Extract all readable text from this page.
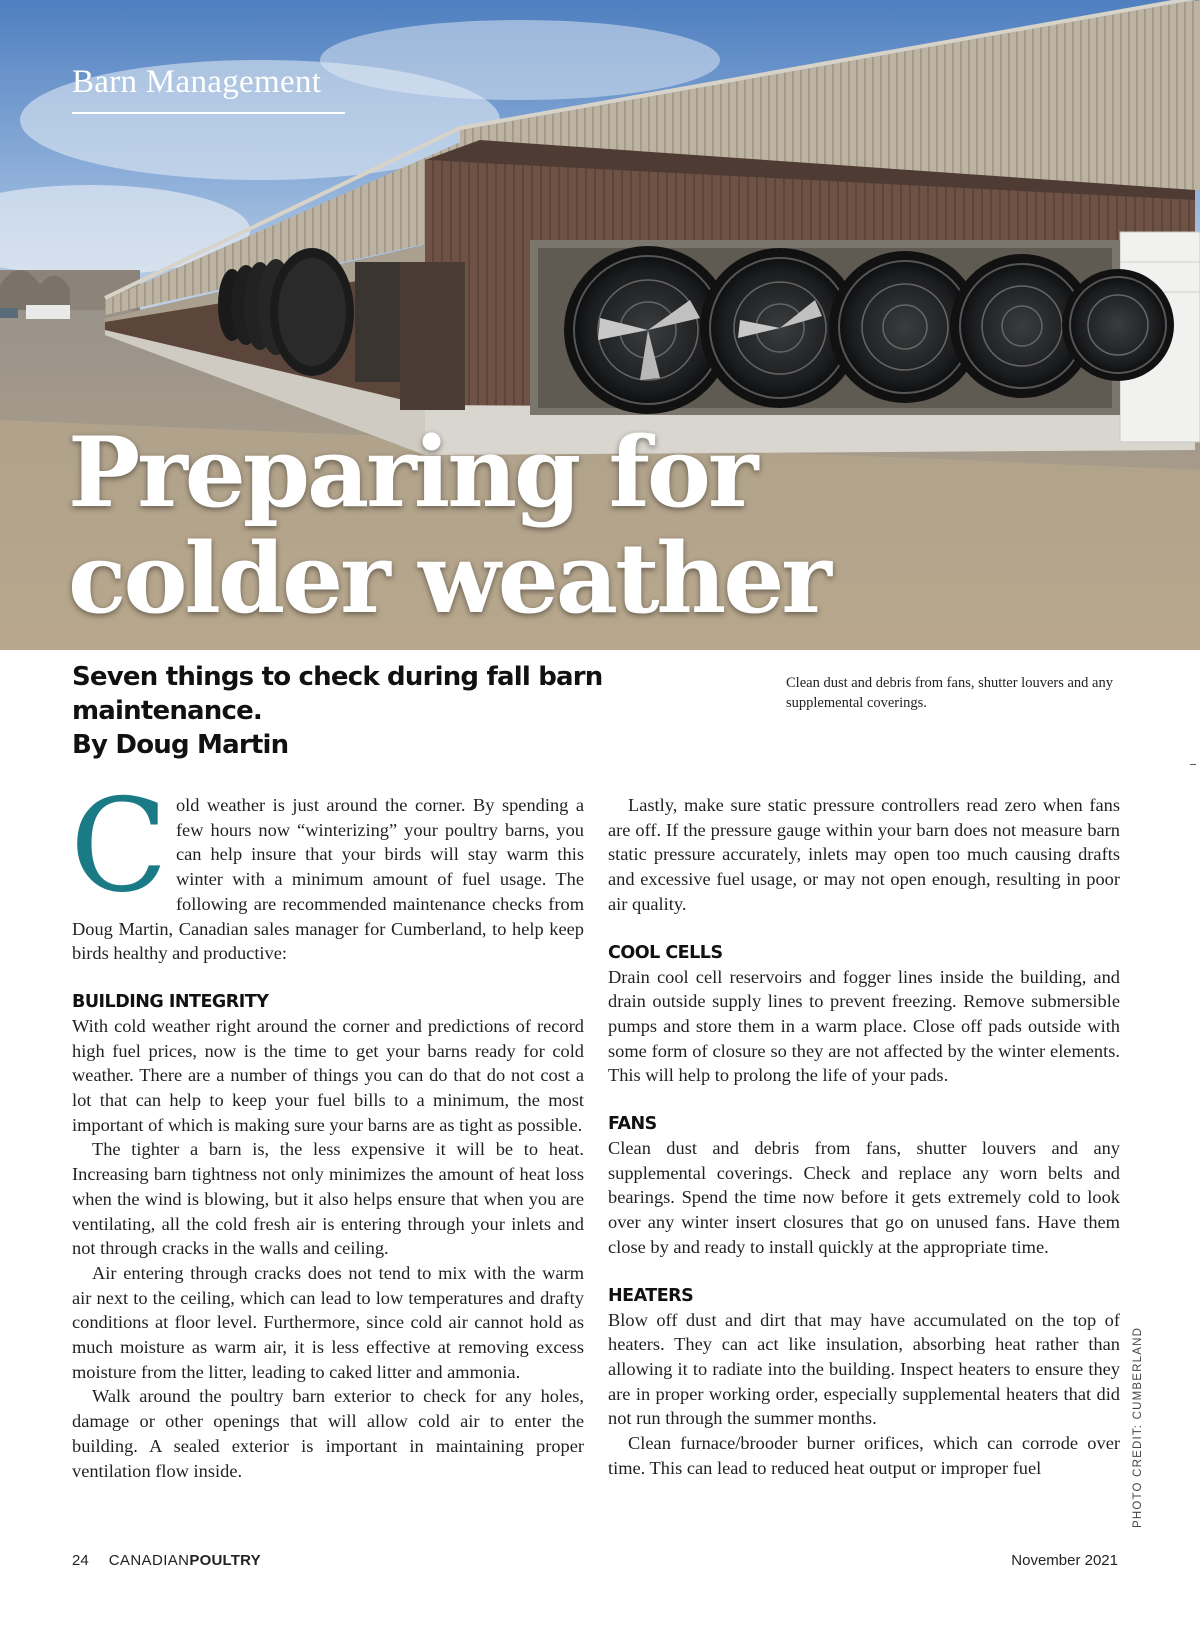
Barn Management
Preparing for
colder weather
Seven things to check during fall barn maintenance.
By Doug Martin
Clean dust and debris from fans, shutter louvers and any supplemental coverings.

Cold weather is just around the corner. By spending a few hours now “winterizing” your poultry barns, you can help insure that your birds will stay warm this winter with a minimum amount of fuel usage. The following are recommended maintenance checks from Doug Martin, Canadian sales manager for Cumberland, to help keep birds healthy and productive:

BUILDING INTEGRITY

With cold weather right around the corner and predictions of record high fuel prices, now is the time to get your barns ready for cold weather. There are a number of things you can do that do not cost a lot that can help to keep your fuel bills to a minimum, the most important of which is making sure your barns are as tight as possible.

The tighter a barn is, the less expensive it will be to heat. Increasing barn tightness not only minimizes the amount of heat loss when the wind is blowing, but it also helps ensure that when you are ventilating, all the cold fresh air is entering through your inlets and not through cracks in the walls and ceiling.

Air entering through cracks does not tend to mix with the warm air next to the ceiling, which can lead to low temperatures and drafty conditions at floor level. Furthermore, since cold air cannot hold as much moisture as warm air, it is less effective at removing excess moisture from the litter, leading to caked litter and ammonia.

Walk around the poultry barn exterior to check for any holes, damage or other openings that will allow cold air to enter the building. A sealed exterior is important in maintaining proper ventilation flow inside.

Lastly, make sure static pressure controllers read zero when fans are off. If the pressure gauge within your barn does not measure barn static pressure accurately, inlets may open too much causing drafts and excessive fuel usage, or may not open enough, resulting in poor air quality.

COOL CELLS

Drain cool cell reservoirs and fogger lines inside the building, and drain outside supply lines to prevent freezing. Remove submersible pumps and store them in a warm place. Close off pads outside with some form of closure so they are not affected by the winter elements. This will help to prolong the life of your pads.

FANS

Clean dust and debris from fans, shutter louvers and any supplemental coverings. Check and replace any worn belts and bearings. Spend the time now before it gets extremely cold to look over any winter insert closures that go on unused fans. Have them close by and ready to install quickly at the appropriate time.

HEATERS

Blow off dust and dirt that may have accumulated on the top of heaters. They can act like insulation, absorbing heat rather than allowing it to radiate into the building. Inspect heaters to ensure they are in proper working order, especially supplemental heaters that did not run through the summer months.

Clean furnace/brooder burner orifices, which can corrode over time. This can lead to reduced heat output or improper fuel	PHOTO CREDIT: CUMBERLAND
24 CANADIANPOULTRY	November 2021
